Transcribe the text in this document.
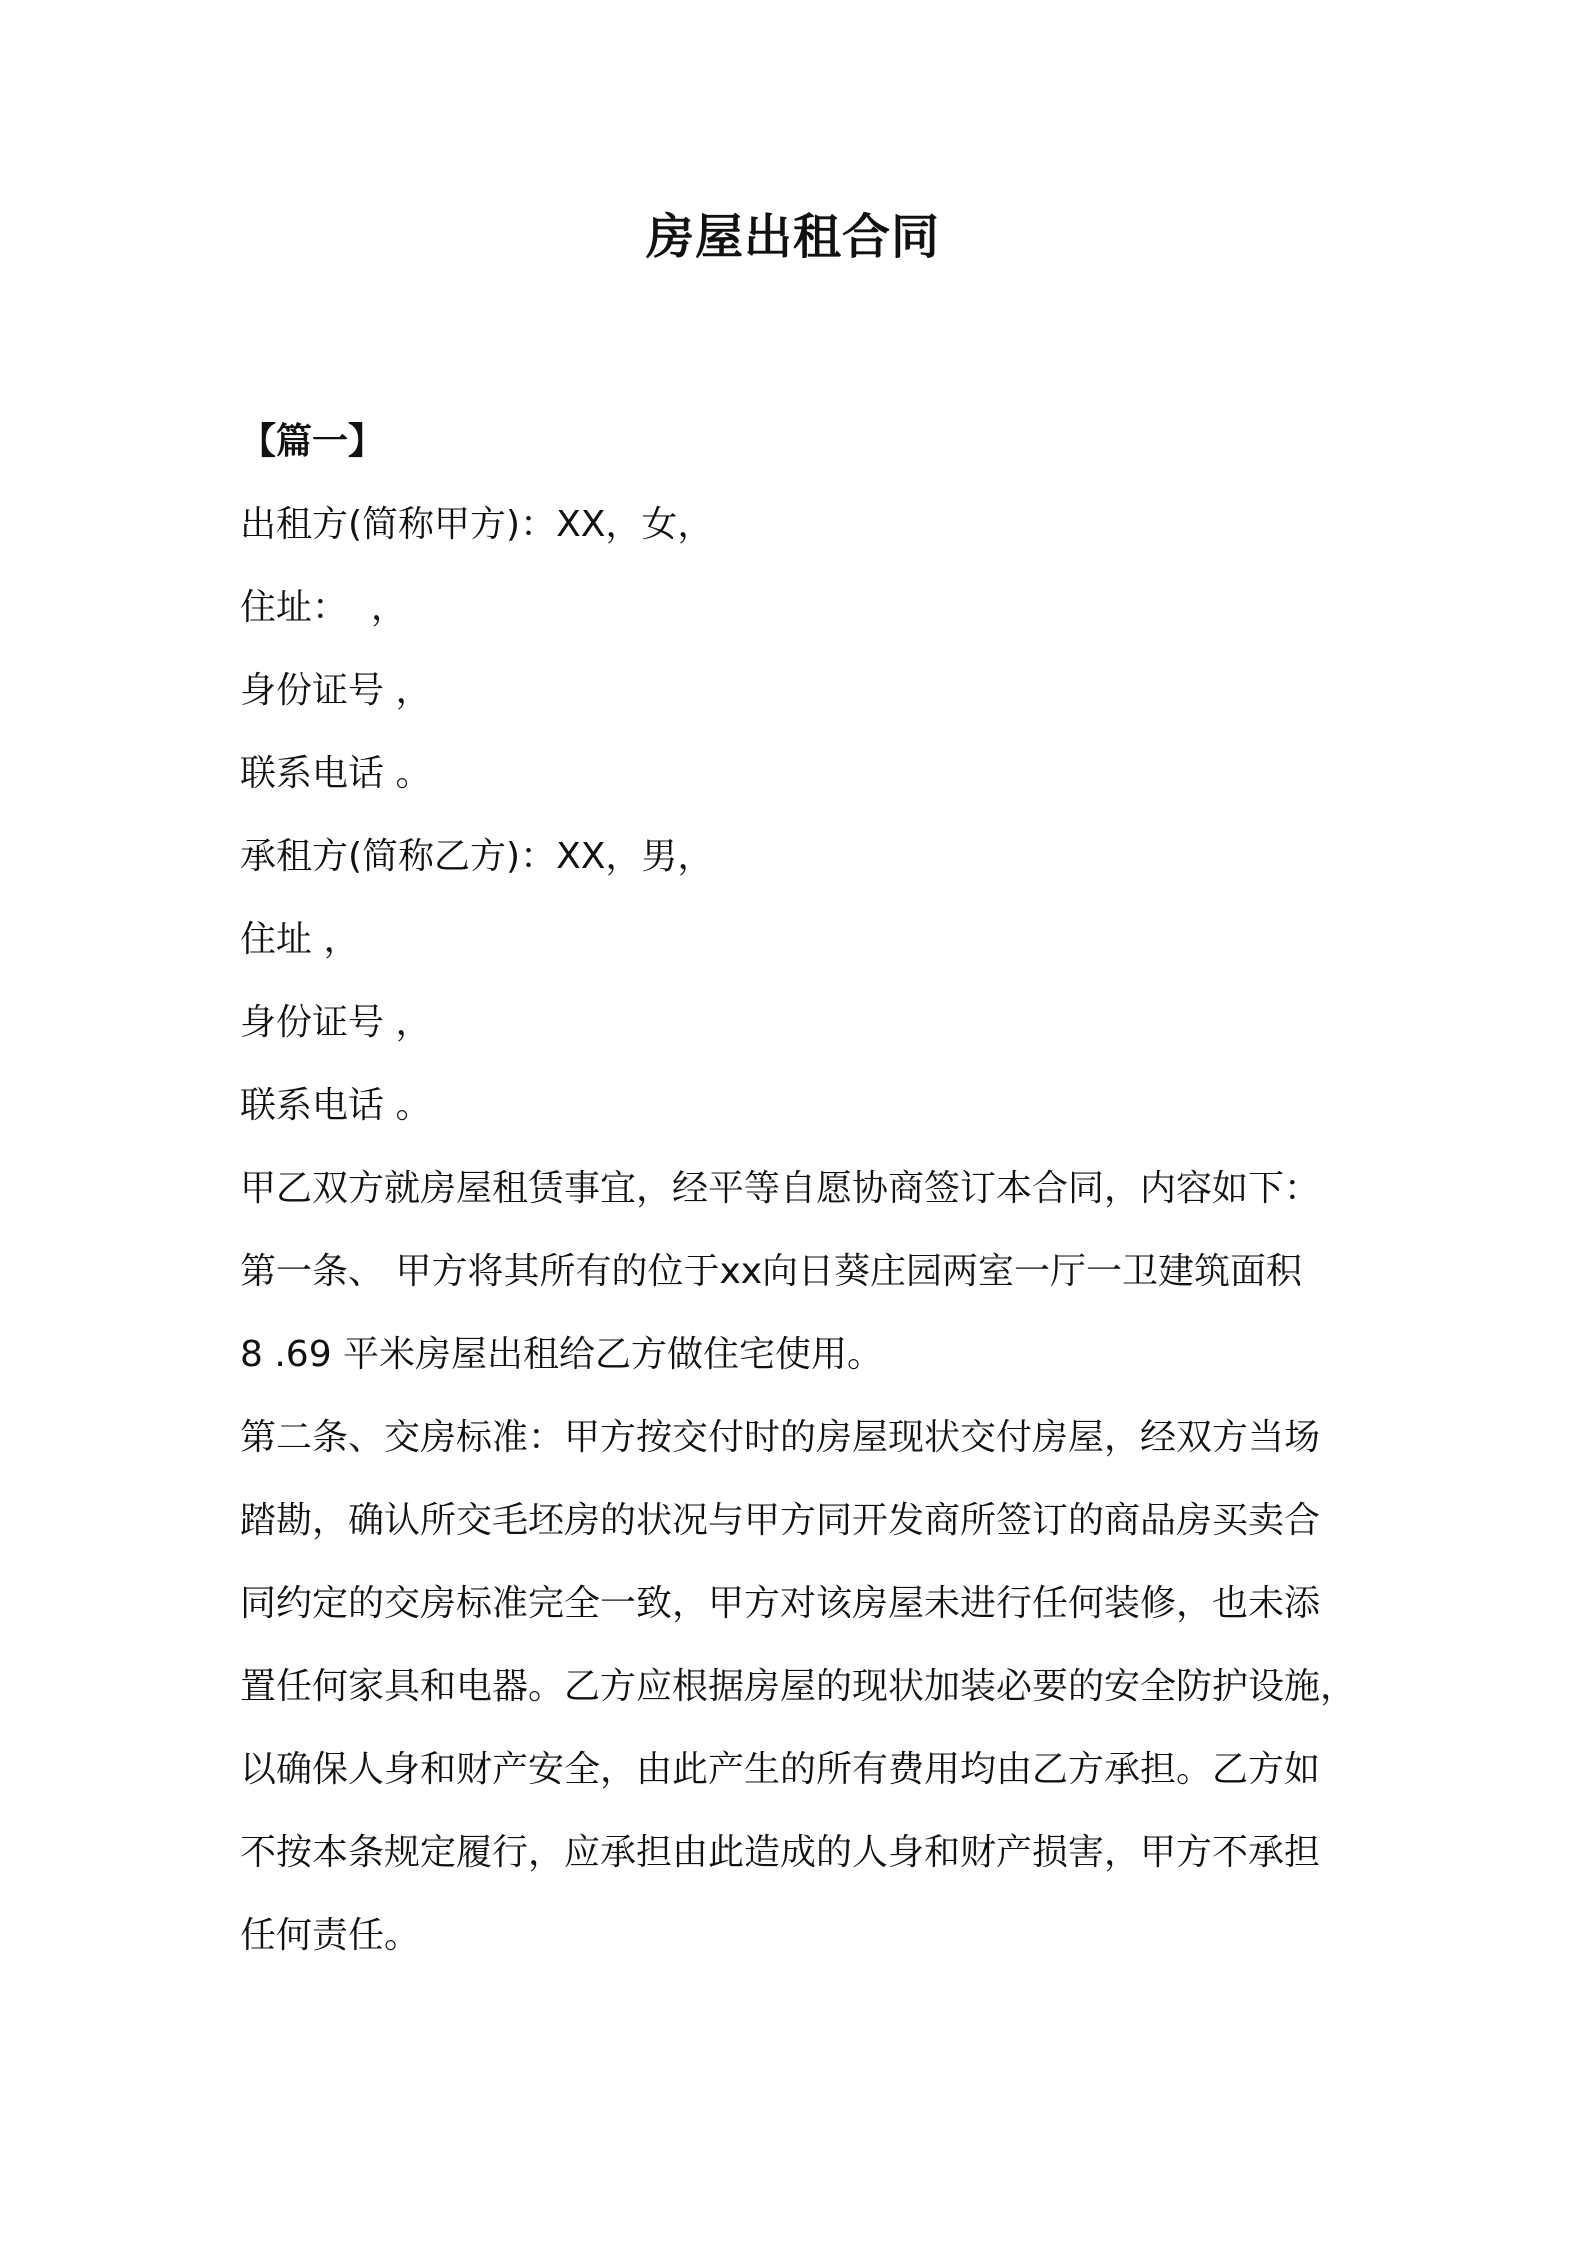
房屋出租合同
【篇一】
出租方(简称甲方)：XX，女，
住址：  ，
身份证号 ，
联系电话 。
承租方(简称乙方)：XX，男，
住址 ，
身份证号 ，
联系电话 。
甲乙双方就房屋租赁事宜，经平等自愿协商签订本合同，内容如下：
第一条、 甲方将其所有的位于xx向日葵庄园两室一厅一卫建筑面积
8 .69 平米房屋出租给乙方做住宅使用。
第二条、交房标准：甲方按交付时的房屋现状交付房屋，经双方当场
踏勘，确认所交毛坯房的状况与甲方同开发商所签订的商品房买卖合
同约定的交房标准完全一致，甲方对该房屋未进行任何装修，也未添
置任何家具和电器。乙方应根据房屋的现状加装必要的安全防护设施，
以确保人身和财产安全，由此产生的所有费用均由乙方承担。乙方如
不按本条规定履行，应承担由此造成的人身和财产损害，甲方不承担
任何责任。
